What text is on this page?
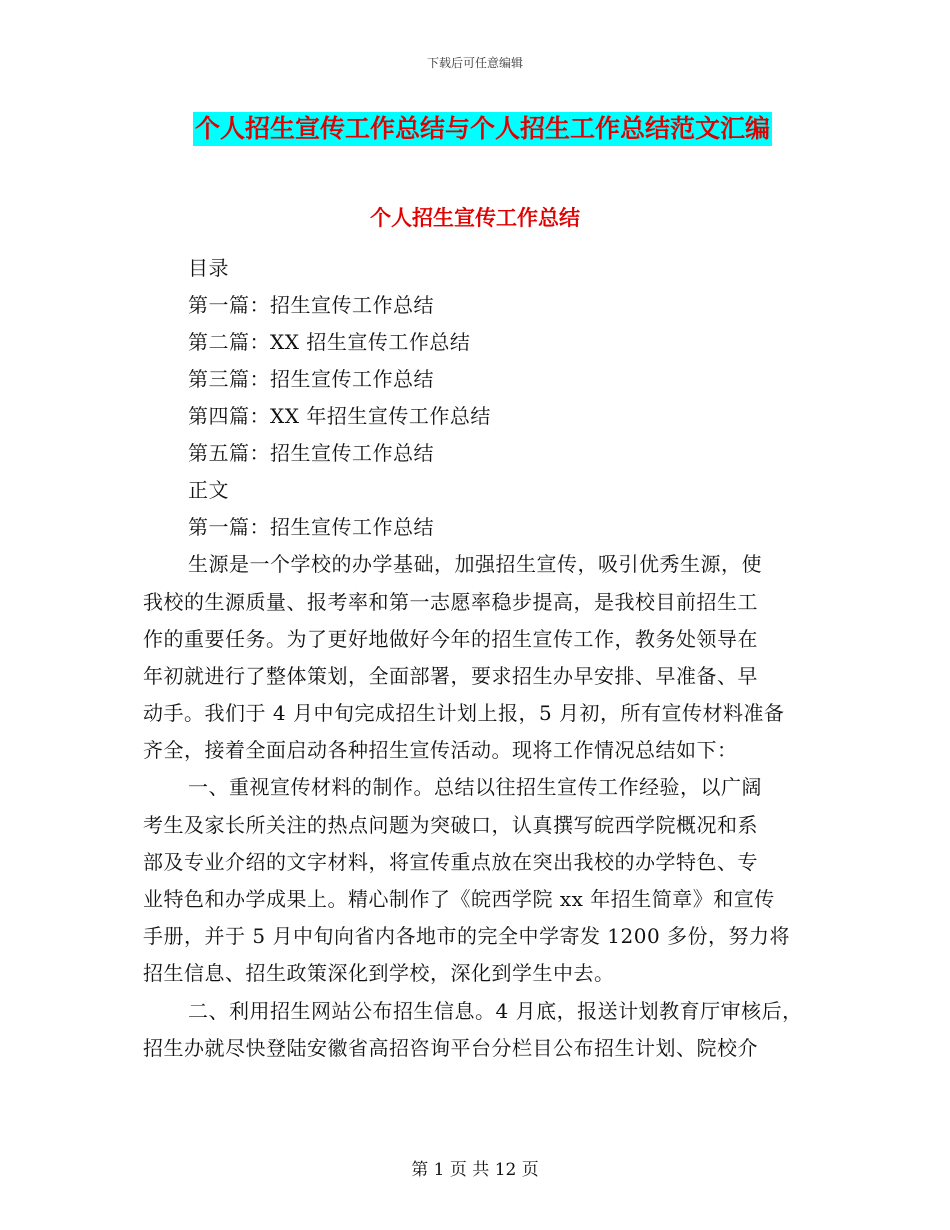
下载后可任意编辑
个人招生宣传工作总结与个人招生工作总结范文汇编
个人招生宣传工作总结
目录
第一篇：招生宣传工作总结
第二篇：XX 招生宣传工作总结
第三篇：招生宣传工作总结
第四篇：XX 年招生宣传工作总结
第五篇：招生宣传工作总结
正文
第一篇：招生宣传工作总结
生源是一个学校的办学基础，加强招生宣传，吸引优秀生源，使
我校的生源质量、报考率和第一志愿率稳步提高，是我校目前招生工
作的重要任务。为了更好地做好今年的招生宣传工作，教务处领导在
年初就进行了整体策划，全面部署，要求招生办早安排、早准备、早
动手。我们于 4 月中旬完成招生计划上报，5 月初，所有宣传材料准备
齐全，接着全面启动各种招生宣传活动。现将工作情况总结如下：
一、重视宣传材料的制作。总结以往招生宣传工作经验，以广阔
考生及家长所关注的热点问题为突破口，认真撰写皖西学院概况和系
部及专业介绍的文字材料，将宣传重点放在突出我校的办学特色、专
业特色和办学成果上。精心制作了《皖西学院 xx 年招生简章》和宣传
手册，并于 5 月中旬向省内各地市的完全中学寄发 1200 多份，努力将
招生信息、招生政策深化到学校，深化到学生中去。
二、利用招生网站公布招生信息。4 月底，报送计划教育厅审核后，
招生办就尽快登陆安徽省高招咨询平台分栏目公布招生计划、院校介
第 1 页 共 12 页
